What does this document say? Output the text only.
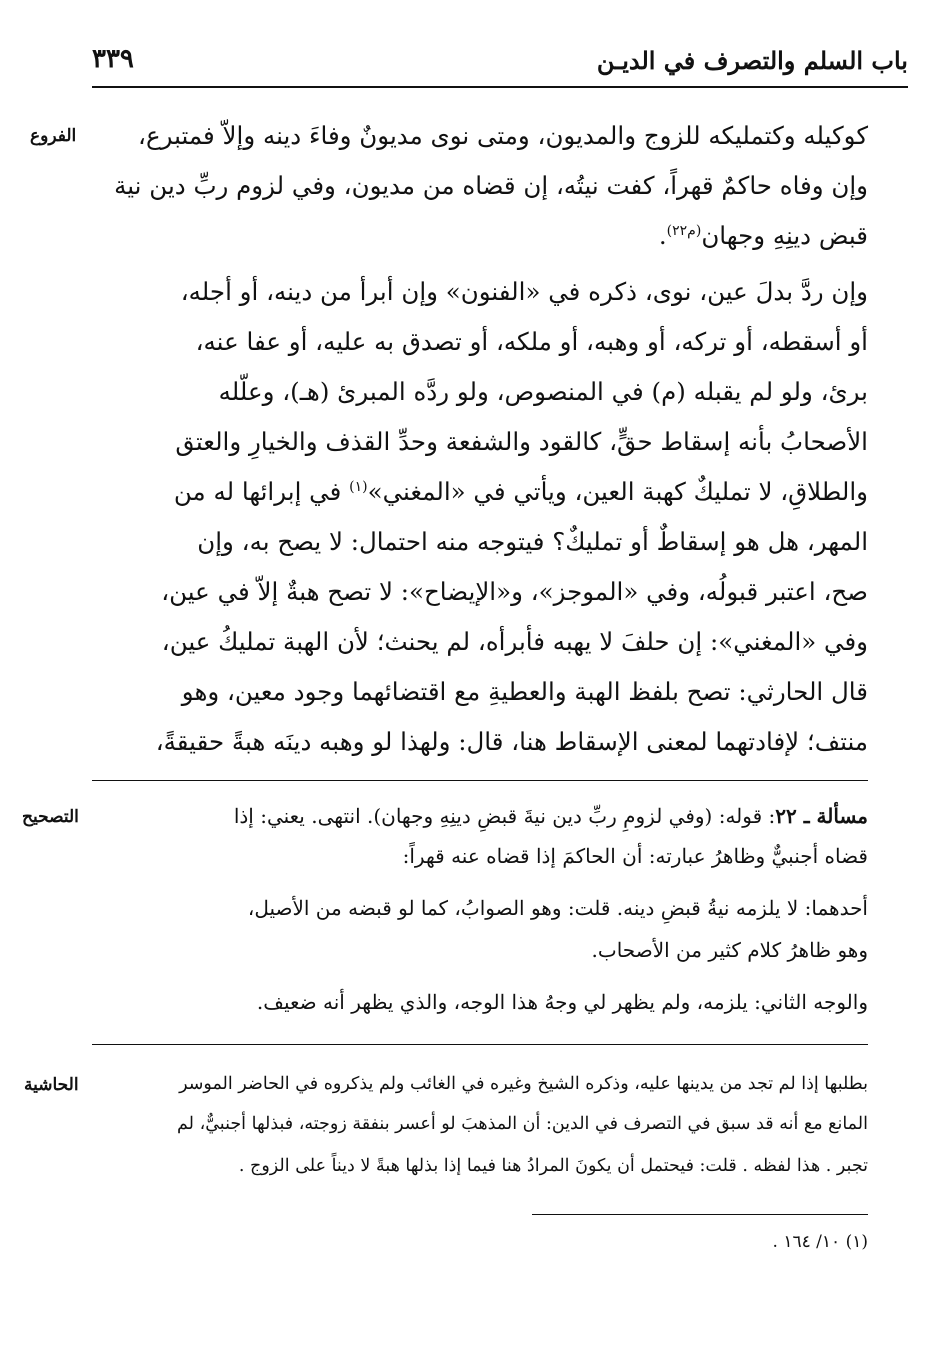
باب السلم والتصرف في الديـن
٣٣٩
الفروع
التصحيح
الحاشية
كوكيله وكتمليكه للزوج والمديون، ومتى نوى مديونٌ وفاءَ دينه وإلاّ فمتبرع،
وإن وفاه حاكمٌ قهراً، كفت نيتُه، إن قضاه من مديون، وفي لزوم ربِّ دين نية
قبض دينِهِ وجهان$^{(م٢٢)}$.
وإن ردَّ بدلَ عين، نوى، ذكره في «الفنون» وإن أبرأ من دينه، أو أجله،
أو أسقطه، أو تركه، أو وهبه، أو ملكه، أو تصدق به عليه، أو عفا عنه،
برئ، ولو لم يقبله (م) في المنصوص، ولو ردَّه المبرئ (هـ)، وعلّله
الأصحابُ بأنه إسقاط حقٍّ، كالقود والشفعة وحدِّ القذف والخيارِ والعتق
والطلاقِ، لا تمليكٌ كهبة العين، ويأتي في «المغني»$^{(١)}$ في إبرائها له من
المهر، هل هو إسقاطٌ أو تمليكٌ؟ فيتوجه منه احتمال: لا يصح به، وإن
صح، اعتبر قبولُه، وفي «الموجز»، و«الإيضاح»: لا تصح هبةٌ إلاّ في عين،
وفي «المغني»: إن حلفَ لا يهبه فأبرأه، لم يحنث؛ لأن الهبة تمليكُ عين،
قال الحارثي: تصح بلفظ الهبة والعطيةِ مع اقتضائهما وجود معين، وهو
منتف؛ لإفادتهما لمعنى الإسقاط هنا، قال: ولهذا لو وهبه دينَه هبةً حقيقةً،
مسألة ـ ٢٢: قوله: (وفي لزومِ ربِّ دين نيةَ قبضِ دينِهِ وجهان). انتهى. يعني: إذا
قضاه أجنبيٌّ وظاهرُ عبارته: أن الحاكمَ إذا قضاه عنه قهراً:
أحدهما: لا يلزمه نيةُ قبضِ دينه. قلت: وهو الصوابُ، كما لو قبضه من الأصيل،
وهو ظاهرُ كلام كثير من الأصحاب.
والوجه الثاني: يلزمه، ولم يظهر لي وجهُ هذا الوجه، والذي يظهر أنه ضعيف.
بطلبها إذا لم تجد من يدينها عليه، وذكره الشيخ وغيره في الغائب ولم يذكروه في الحاضر الموسر
المانع مع أنه قد سبق في التصرف في الدين: أن المذهبَ لو أعسر بنفقة زوجته، فبذلها أجنبيٌّ، لم
تجبر . هذا لفظه . قلت: فيحتمل أن يكونَ المرادُ هنا فيما إذا بذلها هبةً لا ديناً على الزوج .
(١) ١٠/ ١٦٤ .
